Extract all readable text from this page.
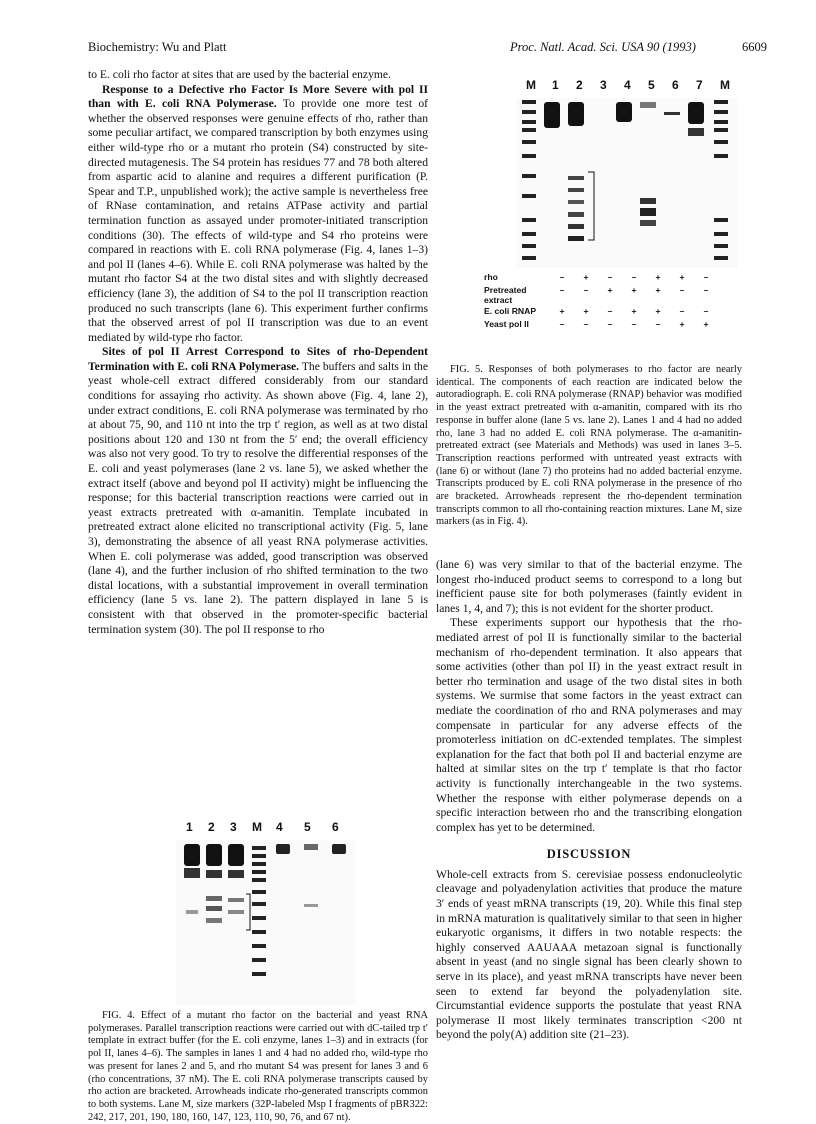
Biochemistry: Wu and Platt	Proc. Natl. Acad. Sci. USA 90 (1993)	6609

to E. coli rho factor at sites that are used by the bacterial enzyme.

Response to a Defective rho Factor Is More Severe with pol II than with E. coli RNA Polymerase. To provide one more test of whether the observed responses were genuine effects of rho, rather than some peculiar artifact, we compared transcription by both enzymes using either wild-type rho or a mutant rho protein (S4) constructed by site-directed mutagenesis. The S4 protein has residues 77 and 78 both altered from aspartic acid to alanine and requires a different purification (P. Spear and T.P., unpublished work); the active sample is nevertheless free of RNase contamination, and retains ATPase activity and partial termination function as assayed under promoter-initiated transcription conditions (30). The effects of wild-type and S4 rho proteins were compared in reactions with E. coli RNA polymerase (Fig. 4, lanes 1–3) and pol II (lanes 4–6). While E. coli RNA polymerase was halted by the mutant rho factor S4 at the two distal sites and with slightly decreased efficiency (lane 3), the addition of S4 to the pol II transcription reaction produced no such transcripts (lane 6). This experiment further confirms that the observed arrest of pol II transcription was due to an event mediated by wild-type rho factor.

Sites of pol II Arrest Correspond to Sites of rho-Dependent Termination with E. coli RNA Polymerase. The buffers and salts in the yeast whole-cell extract differed considerably from our standard conditions for assaying rho activity. As shown above (Fig. 4, lane 2), under extract conditions, E. coli RNA polymerase was terminated by rho at about 75, 90, and 110 nt into the trp t′ region, as well as at two distal positions about 120 and 130 nt from the 5′ end; the overall efficiency was also not very good. To try to resolve the differential responses of the E. coli and yeast polymerases (lane 2 vs. lane 5), we asked whether the extract itself (above and beyond pol II activity) might be influencing the response; for this bacterial transcription reactions were carried out in yeast extracts pretreated with α-amanitin. Template incubated in pretreated extract alone elicited no transcriptional activity (Fig. 5, lane 3), demonstrating the absence of all yeast RNA polymerase activities. When E. coli polymerase was added, good transcription was observed (lane 4), and the further inclusion of rho shifted termination to the two distal locations, with a substantial improvement in overall termination efficiency (lane 5 vs. lane 2). The pattern displayed in lane 5 is consistent with that observed in the promoter-specific bacterial termination system (30). The pol II response to rho

1 2 3 M 4 5 6

FIG. 4. Effect of a mutant rho factor on the bacterial and yeast RNA polymerases. Parallel transcription reactions were carried out with dC-tailed trp t′ template in extract buffer (for the E. coli enzyme, lanes 1–3) and in extracts (for pol II, lanes 4–6). The samples in lanes 1 and 4 had no added rho, wild-type rho was present for lanes 2 and 5, and rho mutant S4 was present for lanes 3 and 6 (rho concentrations, 37 nM). The E. coli RNA polymerase transcripts caused by rho action are bracketed. Arrowheads indicate rho-generated transcripts common to both systems. Lane M, size markers (32P-labeled Msp I fragments of pBR322: 242, 217, 201, 190, 180, 160, 147, 123, 110, 90, 76, and 67 nt).

M 1 2 3 4 5 6 7 M
rho	–	+	–	–	+	+	–
Pretreated extract	–	–	+	+	+	–	–
E. coli RNAP	+	+	–	+	+	–	–
Yeast pol II	–	–	–	–	–	+	+

FIG. 5. Responses of both polymerases to rho factor are nearly identical. The components of each reaction are indicated below the autoradiograph. E. coli RNA polymerase (RNAP) behavior was modified in the yeast extract pretreated with α-amanitin, compared with its rho response in buffer alone (lane 5 vs. lane 2). Lanes 1 and 4 had no added rho, lane 3 had no added E. coli RNA polymerase. The α-amanitin-pretreated extract (see Materials and Methods) was used in lanes 3–5. Transcription reactions performed with untreated yeast extracts with (lane 6) or without (lane 7) rho proteins had no added bacterial enzyme. Transcripts produced by E. coli RNA polymerase in the presence of rho are bracketed. Arrowheads represent the rho-dependent termination transcripts common to all rho-containing reaction mixtures. Lane M, size markers (as in Fig. 4).

(lane 6) was very similar to that of the bacterial enzyme. The longest rho-induced product seems to correspond to a long but inefficient pause site for both polymerases (faintly evident in lanes 1, 4, and 7); this is not evident for the shorter product.

These experiments support our hypothesis that the rho-mediated arrest of pol II is functionally similar to the bacterial mechanism of rho-dependent termination. It also appears that some activities (other than pol II) in the yeast extract result in better rho termination and usage of the two distal sites in both systems. We surmise that some factors in the yeast extract can mediate the coordination of rho and RNA polymerases and may compensate in particular for any adverse effects of the promoterless initiation on dC-extended templates. The simplest explanation for the fact that both pol II and bacterial enzyme are halted at similar sites on the trp t′ template is that rho factor activity is functionally interchangeable in the two systems. Whether the response with either polymerase depends on a specific interaction between rho and the transcribing elongation complex has yet to be determined.

DISCUSSION

Whole-cell extracts from S. cerevisiae possess endonucleolytic cleavage and polyadenylation activities that produce the mature 3′ ends of yeast mRNA transcripts (19, 20). While this final step in mRNA maturation is qualitatively similar to that seen in higher eukaryotic organisms, it differs in two notable respects: the highly conserved AAUAAA metazoan signal is functionally absent in yeast (and no single signal has been clearly shown to serve in its place), and yeast mRNA transcripts have never been seen to extend far beyond the polyadenylation site. Circumstantial evidence supports the postulate that yeast RNA polymerase II most likely terminates transcription <200 nt beyond the poly(A) addition site (21–23).
